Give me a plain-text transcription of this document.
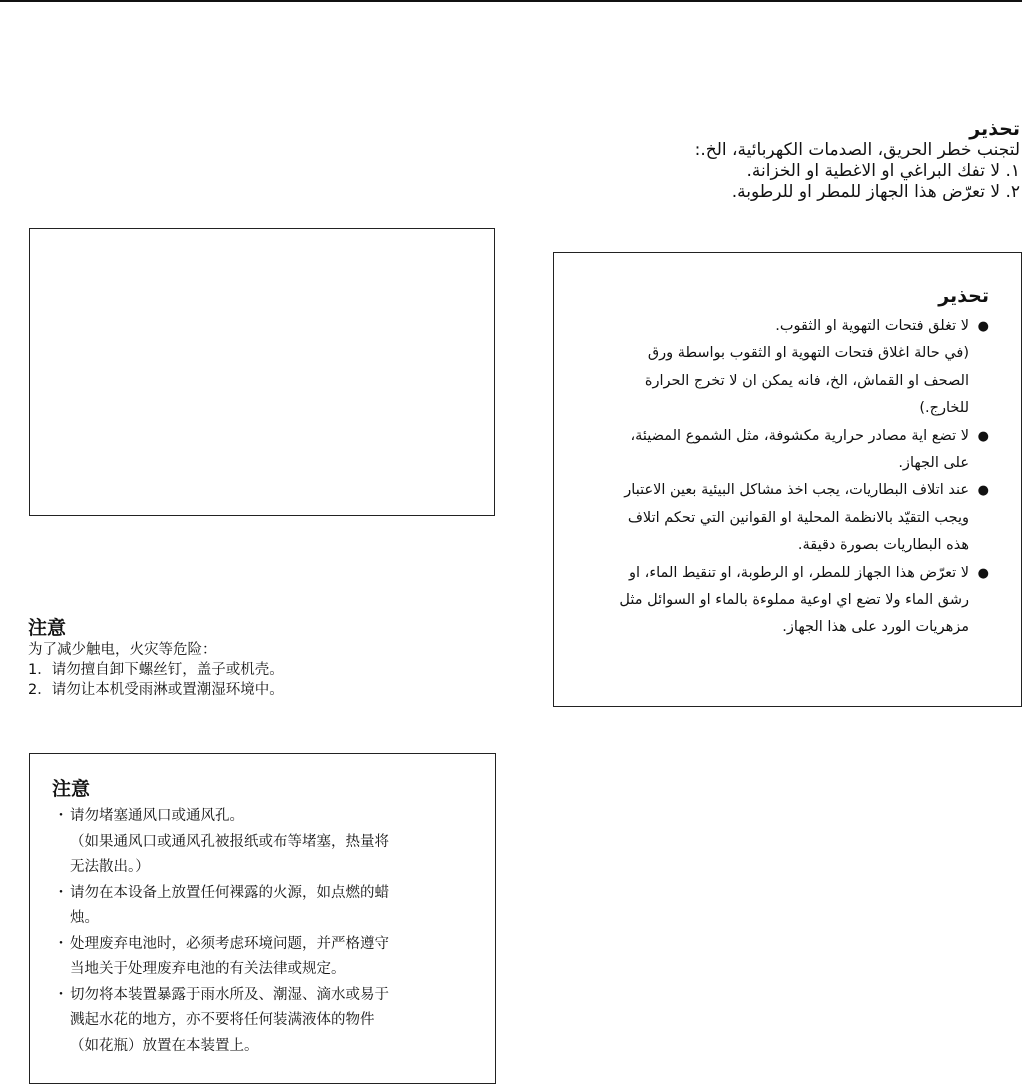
تحذير
لتجنب خطر الحريق، الصدمات الكهربائية، الخ.:
١. لا تفك البراغي او الاغطية او الخزانة.
٢. لا تعرّض هذا الجهاز للمطر او للرطوبة.
注意
为了减少触电，火灾等危险：
1．请勿擅自卸下螺丝钉，盖子或机壳。
2．请勿让本机受雨淋或置潮湿环境中。
تحذير
●
لا تغلق فتحات التهوية او الثقوب.
(في حالة اغلاق فتحات التهوية او الثقوب بواسطة ورق
الصحف او القماش، الخ، فانه يمكن ان لا تخرج الحرارة
للخارج.)
●
لا تضع اية مصادر حرارية مكشوفة، مثل الشموع المضيئة،
على الجهاز.
●
عند اتلاف البطاريات، يجب اخذ مشاكل البيئية بعين الاعتبار
ويجب التقيّد بالانظمة المحلية او القوانين التي تحكم اتلاف
هذه البطاريات بصورة دقيقة.
●
لا تعرّض هذا الجهاز للمطر، او الرطوبة، او تنقيط الماء، او
رشق الماء ولا تضع اي اوعية مملوءة بالماء او السوائل مثل
مزهريات الورد على هذا الجهاز.
注意
・ 请勿堵塞通风口或通风孔。
（如果通风口或通风孔被报纸或布等堵塞，热量将
无法散出。）
・ 请勿在本设备上放置任何裸露的火源，如点燃的蜡
烛。
・ 处理废弃电池时，必须考虑环境问题，并严格遵守
当地关于处理废弃电池的有关法律或规定。
・ 切勿将本装置暴露于雨水所及、潮湿、滴水或易于
溅起水花的地方，亦不要将任何装满液体的物件
（如花瓶）放置在本装置上。
